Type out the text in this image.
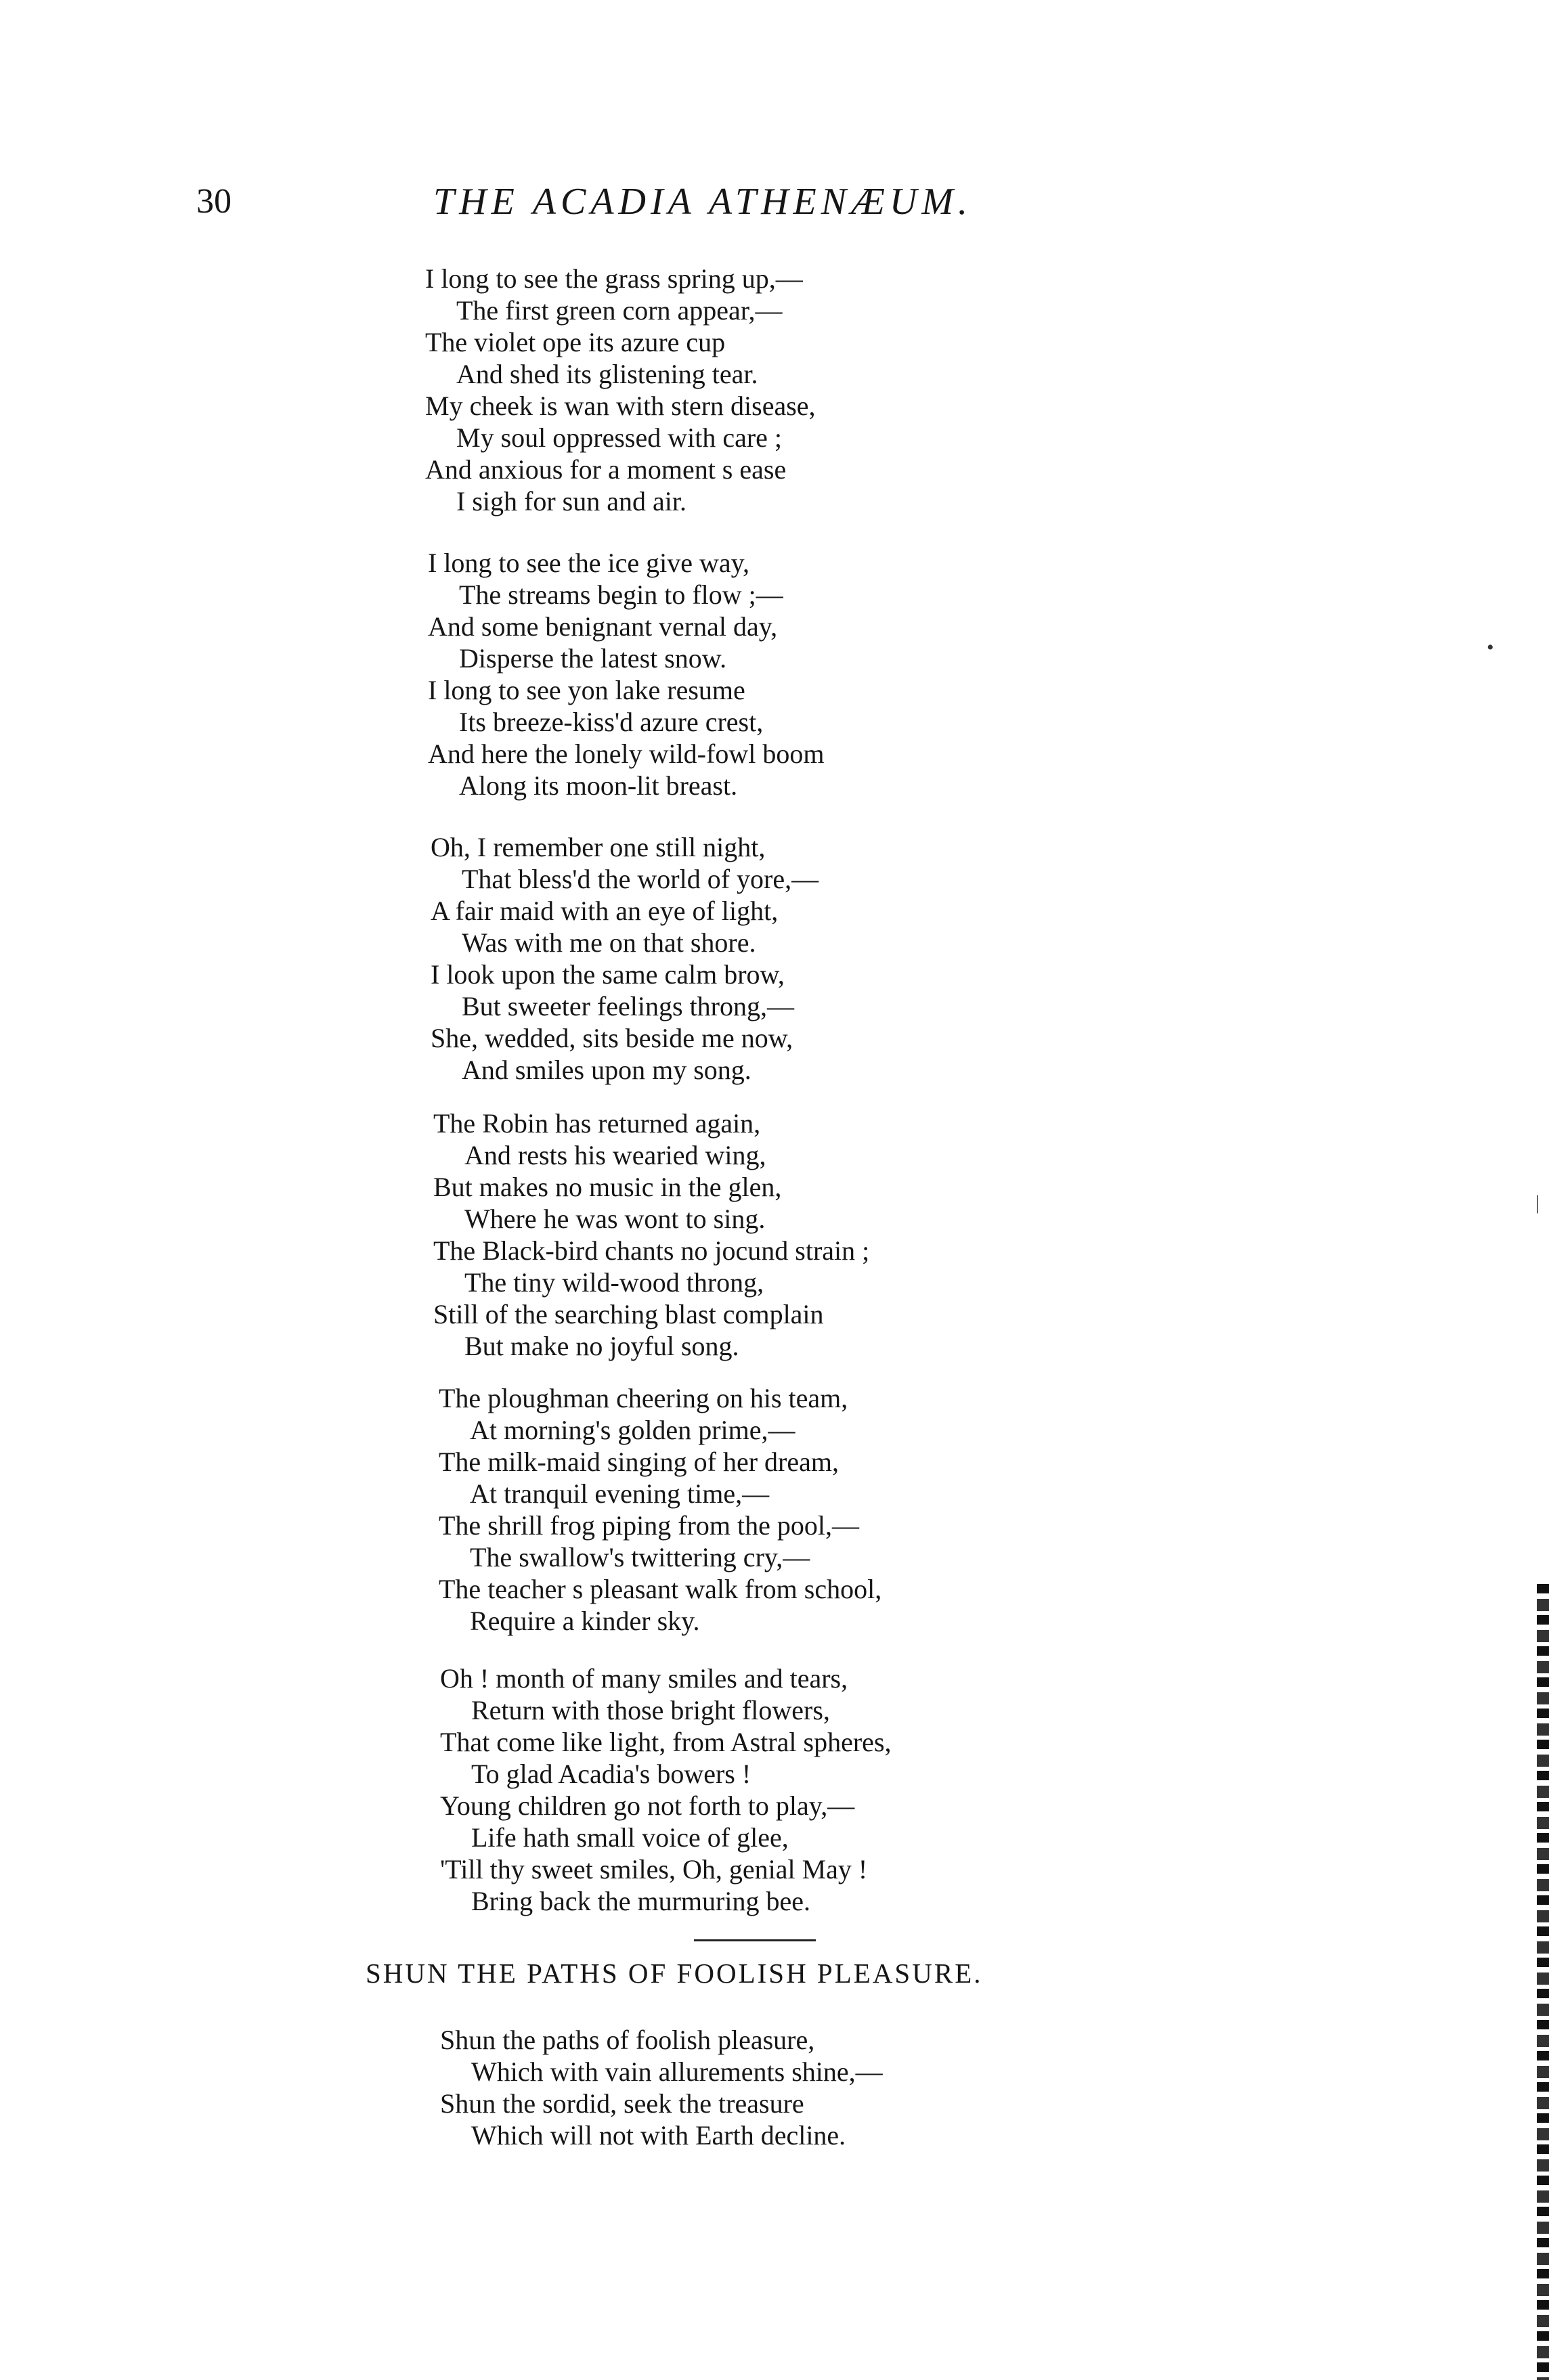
30	THE ACADIA ATHENÆUM.
I long to see the grass spring up,—
The first green corn appear,—
The violet ope its azure cup
And shed its glistening tear.
My cheek is wan with stern disease,
My soul oppressed with care ;
And anxious for a moment s ease
I sigh for sun and air.
I long to see the ice give way,
The streams begin to flow ;—
And some benignant vernal day,
Disperse the latest snow.
I long to see yon lake resume
Its breeze-kiss'd azure crest,
And here the lonely wild-fowl boom
Along its moon-lit breast.
Oh, I remember one still night,
That bless'd the world of yore,—
A fair maid with an eye of light,
Was with me on that shore.
I look upon the same calm brow,
But sweeter feelings throng,—
She, wedded, sits beside me now,
And smiles upon my song.
The Robin has returned again,
And rests his wearied wing,
But makes no music in the glen,
Where he was wont to sing.
The Black-bird chants no jocund strain ;
The tiny wild-wood throng,
Still of the searching blast complain
But make no joyful song.
The ploughman cheering on his team,
At morning's golden prime,—
The milk-maid singing of her dream,
At tranquil evening time,—
The shrill frog piping from the pool,—
The swallow's twittering cry,—
The teacher s pleasant walk from school,
Require a kinder sky.
Oh ! month of many smiles and tears,
Return with those bright flowers,
That come like light, from Astral spheres,
To glad Acadia's bowers !
Young children go not forth to play,—
Life hath small voice of glee,
'Till thy sweet smiles, Oh, genial May !
Bring back the murmuring bee.
SHUN THE PATHS OF FOOLISH PLEASURE.
Shun the paths of foolish pleasure,
Which with vain allurements shine,—
Shun the sordid, seek the treasure
Which will not with Earth decline.
•
|
